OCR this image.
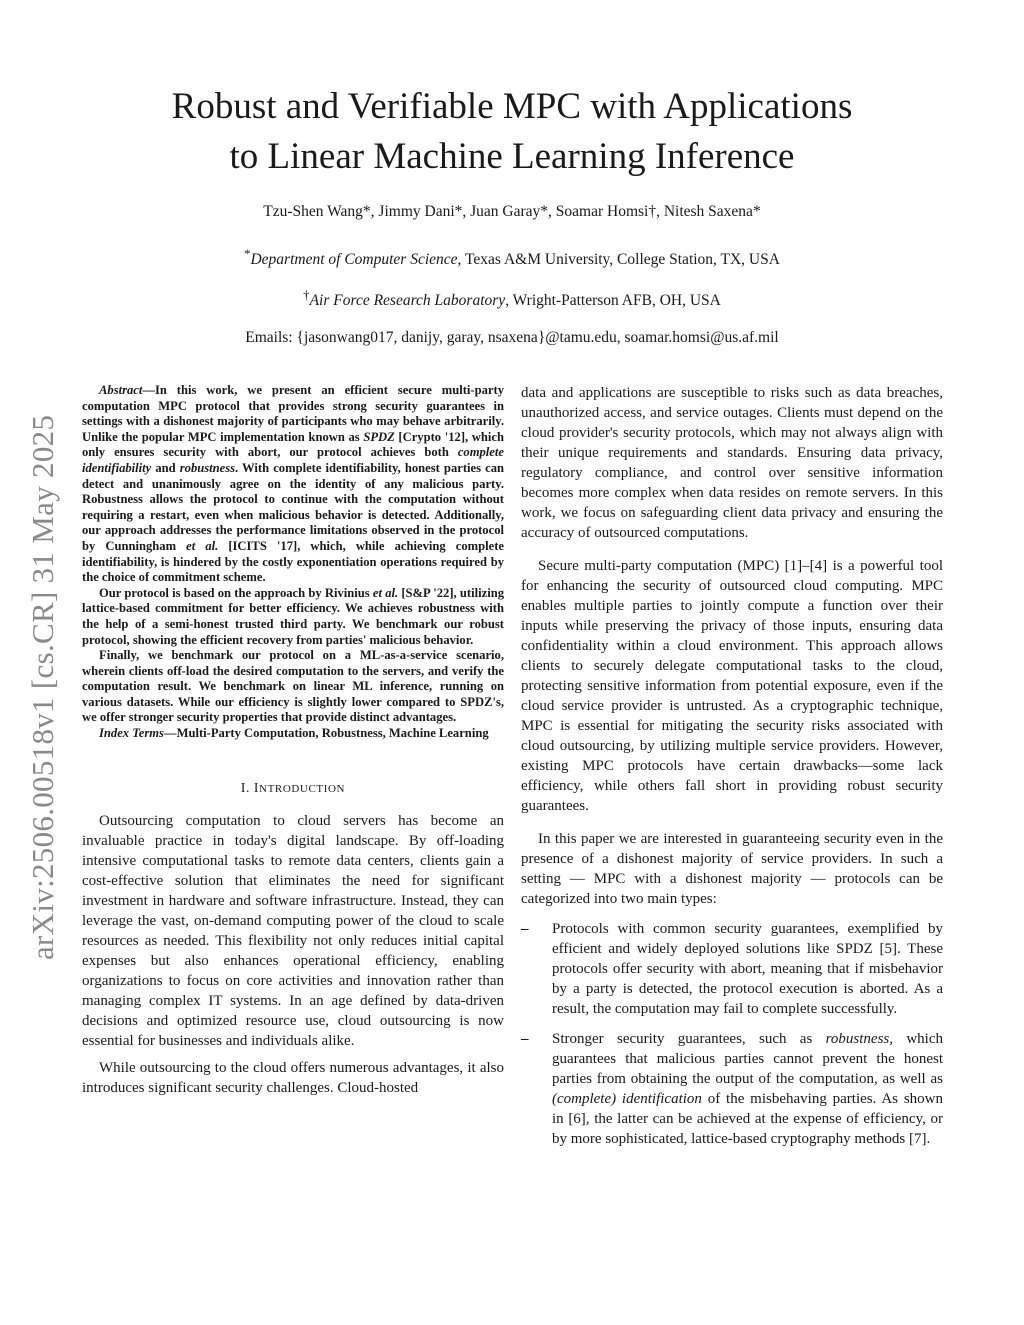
Robust and Verifiable MPC with Applications
to Linear Machine Learning Inference
Tzu-Shen Wang*, Jimmy Dani*, Juan Garay*, Soamar Homsi†, Nitesh Saxena*
*Department of Computer Science, Texas A&M University, College Station, TX, USA
†Air Force Research Laboratory, Wright-Patterson AFB, OH, USA
Emails: {jasonwang017, danijy, garay, nsaxena}@tamu.edu, soamar.homsi@us.af.mil
arXiv:2506.00518v1 [cs.CR] 31 May 2025

Abstract—In this work, we present an efficient secure multi-party computation MPC protocol that provides strong security guarantees in settings with a dishonest majority of participants who may behave arbitrarily. Unlike the popular MPC implementation known as SPDZ [Crypto '12], which only ensures security with abort, our protocol achieves both complete identifiability and robustness. With complete identifiability, honest parties can detect and unanimously agree on the identity of any malicious party. Robustness allows the protocol to continue with the computation without requiring a restart, even when malicious behavior is detected. Additionally, our approach addresses the performance limitations observed in the protocol by Cunningham et al. [ICITS '17], which, while achieving complete identifiability, is hindered by the costly exponentiation operations required by the choice of commitment scheme.

Our protocol is based on the approach by Rivinius et al. [S&P '22], utilizing lattice-based commitment for better efficiency. We achieves robustness with the help of a semi-honest trusted third party. We benchmark our robust protocol, showing the efficient recovery from parties' malicious behavior.

Finally, we benchmark our protocol on a ML-as-a-service scenario, wherein clients off-load the desired computation to the servers, and verify the computation result. We benchmark on linear ML inference, running on various datasets. While our efficiency is slightly lower compared to SPDZ's, we offer stronger security properties that provide distinct advantages.

Index Terms—Multi-Party Computation, Robustness, Machine Learning

I. INTRODUCTION

Outsourcing computation to cloud servers has become an invaluable practice in today's digital landscape. By off-loading intensive computational tasks to remote data centers, clients gain a cost-effective solution that eliminates the need for significant investment in hardware and software infrastructure. Instead, they can leverage the vast, on-demand computing power of the cloud to scale resources as needed. This flexibility not only reduces initial capital expenses but also enhances operational efficiency, enabling organizations to focus on core activities and innovation rather than managing complex IT systems. In an age defined by data-driven decisions and optimized resource use, cloud outsourcing is now essential for businesses and individuals alike.

While outsourcing to the cloud offers numerous advantages, it also introduces significant security challenges. Cloud-hosted

data and applications are susceptible to risks such as data breaches, unauthorized access, and service outages. Clients must depend on the cloud provider's security protocols, which may not always align with their unique requirements and standards. Ensuring data privacy, regulatory compliance, and control over sensitive information becomes more complex when data resides on remote servers. In this work, we focus on safeguarding client data privacy and ensuring the accuracy of outsourced computations.

Secure multi-party computation (MPC) [1]–[4] is a powerful tool for enhancing the security of outsourced cloud computing. MPC enables multiple parties to jointly compute a function over their inputs while preserving the privacy of those inputs, ensuring data confidentiality within a cloud environment. This approach allows clients to securely delegate computational tasks to the cloud, protecting sensitive information from potential exposure, even if the cloud service provider is untrusted. As a cryptographic technique, MPC is essential for mitigating the security risks associated with cloud outsourcing, by utilizing multiple service providers. However, existing MPC protocols have certain drawbacks—some lack efficiency, while others fall short in providing robust security guarantees.

In this paper we are interested in guaranteeing security even in the presence of a dishonest majority of service providers. In such a setting — MPC with a dishonest majority — protocols can be categorized into two main types:

– Protocols with common security guarantees, exemplified by efficient and widely deployed solutions like SPDZ [5]. These protocols offer security with abort, meaning that if misbehavior by a party is detected, the protocol execution is aborted. As a result, the computation may fail to complete successfully.
– Stronger security guarantees, such as robustness, which guarantees that malicious parties cannot prevent the honest parties from obtaining the output of the computation, as well as (complete) identification of the misbehaving parties. As shown in [6], the latter can be achieved at the expense of efficiency, or by more sophisticated, lattice-based cryptography methods [7].
